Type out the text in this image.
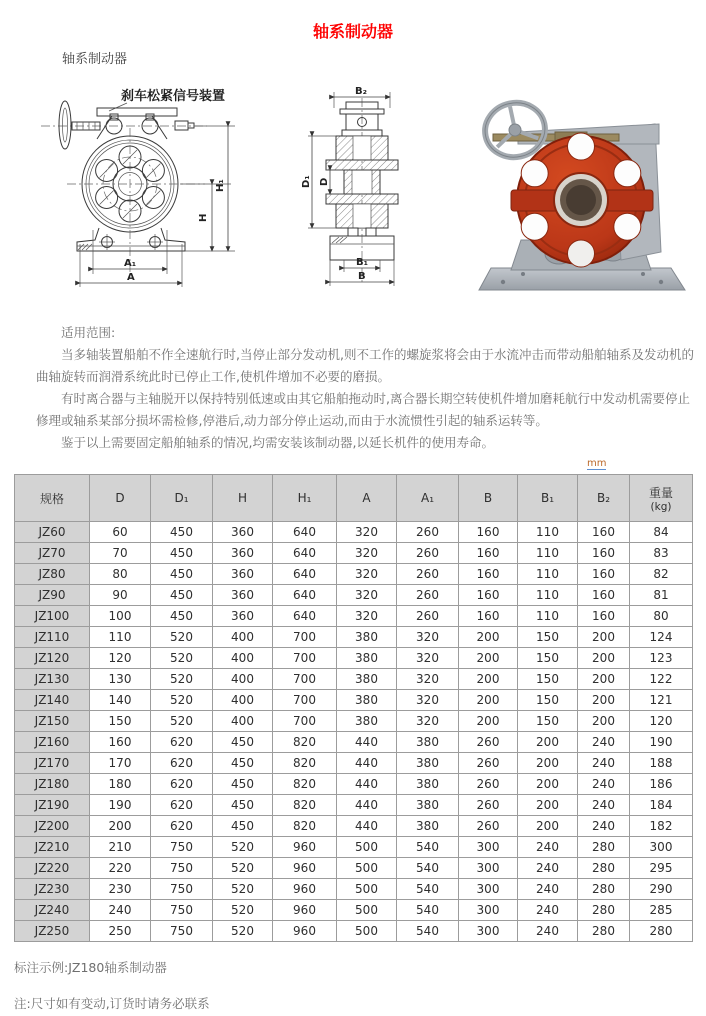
轴系制动器
轴系制动器
刹车松紧信号装置
H
H₁
A₁
A
B₂
D₁ D
B₁
B

适用范围:

当多轴装置船舶不作全速航行时,当停止部分发动机,则不工作的螺旋浆将会由于水流冲击而带动船舶轴系及发动机的曲轴旋转而润滑系统此时已停止工作,使机件增加不必要的磨损。

有时离合器与主轴脱开以保持特别低速或由其它船舶拖动时,离合器长期空转使机件增加磨耗航行中发动机需要停止修理或轴系某部分损坏需检修,停港后,动力部分停止运动,而由于水流惯性引起的轴系运转等。

鉴于以上需要固定船舶轴系的情况,均需安装该制动器,以延长机件的使用寿命。

mm
规格	D	D₁	H	H₁	A	A₁	B	B₁	B₂	重量
(kg)

JZ60	60	450	360	640	320	260	160	110	160	84
JZ70	70	450	360	640	320	260	160	110	160	83
JZ80	80	450	360	640	320	260	160	110	160	82
JZ90	90	450	360	640	320	260	160	110	160	81
JZ100	100	450	360	640	320	260	160	110	160	80
JZ110	110	520	400	700	380	320	200	150	200	124
JZ120	120	520	400	700	380	320	200	150	200	123
JZ130	130	520	400	700	380	320	200	150	200	122
JZ140	140	520	400	700	380	320	200	150	200	121
JZ150	150	520	400	700	380	320	200	150	200	120
JZ160	160	620	450	820	440	380	260	200	240	190
JZ170	170	620	450	820	440	380	260	200	240	188
JZ180	180	620	450	820	440	380	260	200	240	186
JZ190	190	620	450	820	440	380	260	200	240	184
JZ200	200	620	450	820	440	380	260	200	240	182
JZ210	210	750	520	960	500	540	300	240	280	300
JZ220	220	750	520	960	500	540	300	240	280	295
JZ230	230	750	520	960	500	540	300	240	280	290
JZ240	240	750	520	960	500	540	300	240	280	285
JZ250	250	750	520	960	500	540	300	240	280	280

标注示例:JZ180轴系制动器

注:尺寸如有变动,订货时请务必联系
